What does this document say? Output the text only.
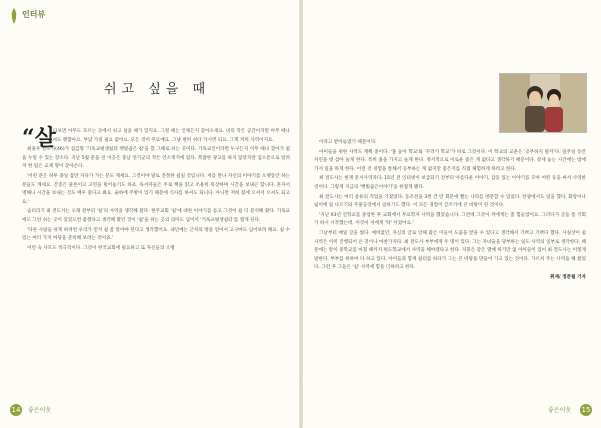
인터뷰
쉬고 싶을 때
“살

다보면 아무도 모르는 곳에서 쉬고 싶을 때가 있지요. 그럴 때는 언제든지 찾아오세요. 비록 작은 공간이지만 아무 때나 오셔도 괜찮아요. 부담 가질 필요 없어요. 모든 것이 무료예요. 그냥 편히 쉬다 가시면 되요. 그게 저희 사역이지요.

최용우 전도사(46)가 섬김형 '기독교평생쉼터 햇빛곱은 집'을 할 그때로 쉬는 곳이다. 기독교인이라면 누구든지 이무 때나 찾아가 쉼을 누릴 수 있는 장소다. 지난 5월 문을 연 이곳은 충남 연기군의 작은 연소재지에 있다. 복잡한 광고를 하지 않았지만 입소문으로 알려져 한 팀은 교제 명이 찾아온다.

'어떤 분은 하루 종일 잠만 자다가 가는 분도 계세요. 그것이야 말로 진정한 쉼일 것입니다. 저를 만나 자신의 이야기를 오랫동안 하는 분들도 계세요. 간증은 물론이고 고민을 털어놓기도 하죠. 독서자들은 주로 책을 읽고 조용히 묵상하며 시간을 보내곤 합니다. 혼자서 명해나 시간을 보내는 것도 매우 좋다고 봐요. 슬하에 주방이 있기 때문에 식사를 하셔도 되니다. 아니면 저희 집에 오셔서 오셔도 되고요.'

숨터리기 최 전도사는 오래 전부터 '쉼'의 사역을 생각해 왔다. 현주교회 '쉼'에 대한 이야기를 듣고 그것이 쉼 더 분석해 왔다. 기독교에도 그런 쉬는 곳이 있었으면 좋겠다고 생각해 왔던 것이 '쉼'을 쉬는 곳의 의미도 넘어서 '기독교평생쉼터'를 열게 된다.

'다른 사람들 쉬게 하려면 우리가 먼저 쉼 좀 알아야 된다고 생각했어요. 내년에는 근처의 방을 얻어서 고구마도 심어보려 해요. 쉼 수 있는 여러 가지 마당을 준비해 보려는 것이죠.'

이런 숙 사모도 적극적이다. 그것이 한국교회에 필요하고 또 자신들의 소명

14 좋은이웃

이라고 받아들였기 때문이다.

아이들을 위한 사역도 계획 중이다. '홈 놓이 학교'와 '꾸러기 학교'가 바로 그것이다. 이 학교의 교훈은 '공부하지 말자'다. 일주일 동안 자연을 벗 삼아 놀게 한다. 특히 홈을 가지고 놀게 한다. 정서적으로 이로운 좋은 게 없다고 생각하기 때문이다. 창세 놓는 시간에는 밤에 가서 일을 하게 한다. 이런 것 경험을 통해서 공부하는 게 없지만 좋은지를 직접 체험하게 하려고 한다.

최 전도사는 현재 문서사역자다. 15년 전 인터넷이 보급되기 전부터 아름다운 이야기, 감동 있는 이야기를 모아 어떤 등을 써서 사역한 것이다. 그렇게 지금의 '햇빛곱은이야기'을 한잡게 됐다.

최 전도사는 여러 중류의 직업을 가졌었다. 동조선을 3번 간 만 회분에 빨는 나라를 방문할 수 있었다. 탄광에서도 일을 했다. 화랑이나 넓이에 일 나르기와 주물공장에서 일하기도 했다. 이 모든 경험이 글쓰기에 큰 바탕이 된 것이다.

'지난 93년 신학교를 졸업한 후 교회에서 무료학자 사역을 했었습니다. 그런데 그것이 저에게는 좀 힘들었어요. 그러다가 글을 좀 기회가 하시 시작했는데, 이것이 저에게 '딱' 이었어요.'

그날부터 매일 글을 썼다. 예비없던, 자신의 글로 인해 많은 이들이 도움을 받을 수 있다고 생각해서 기쁘고 기쁘다 했다. 사실상이 쉼 사역은 이미 진행되어 온 것이나 마찬가지다. 최 전도사 부부에게 두 명이 있다. 그는 자녀들을 당부하는 일도 사역의 일부로 생각한다. 때문에는 딸이 중학교를 마칠 때까지 편도학교에서 사역을 해야겠다고 한다. 지붕은 강은 열매 하기만 없 아이들이 있어 최 전도사는 이렇게 말한다. 부부를 위하여 다 하고 있다. 아이들과 함께 쉼터를 하다가 그는 큰 바탕을 만들어 가고 있는 것이다. 가르쳐 주는 사역을 해 왔었다. 그런 후 그들은 '쉼' 사역에 힘을 더하려고 한다.

취재/ 정준월 기자
좋은이웃 15
